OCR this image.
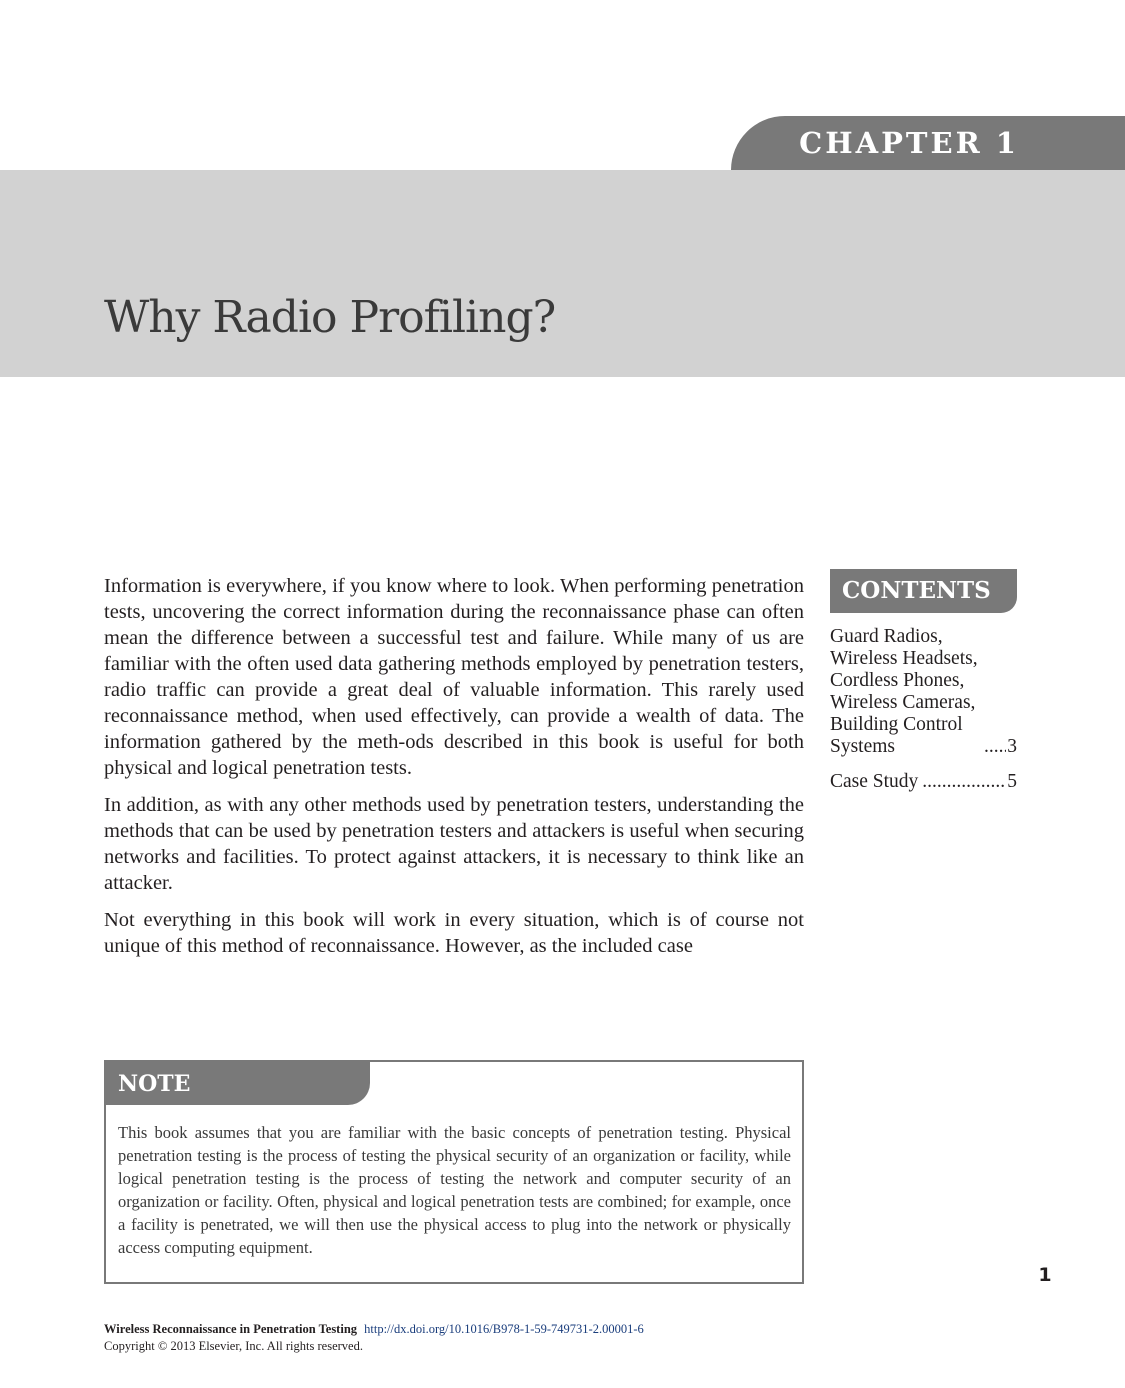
CHAPTER 1
Why Radio Profiling?

Information is everywhere, if you know where to look. When performing penetration tests, uncovering the correct information during the reconnaissance phase can often mean the difference between a successful test and failure. While many of us are familiar with the often used data gathering methods employed by penetration testers, radio traffic can provide a great deal of valuable information. This rarely used reconnaissance method, when used effectively, can provide a wealth of data. The information gathered by the meth-ods described in this book is useful for both physical and logical penetration tests.

In addition, as with any other methods used by penetration testers, understanding the methods that can be used by penetration testers and attackers is useful when securing networks and facilities. To protect against attackers, it is necessary to think like an attacker.

Not everything in this book will work in every situation, which is of course not unique of this method of reconnaissance. However, as the included case

CONTENTS
Guard Radios, Wireless Headsets, Cordless Phones, Wireless Cameras, Building Control Systems .....	3
Case Study .....	5
NOTE

This book assumes that you are familiar with the basic concepts of penetration testing. Physical penetration testing is the process of testing the physical security of an organization or facility, while logical penetration testing is the process of testing the network and computer security of an organization or facility. Often, physical and logical penetration tests are combined; for example, once a facility is penetrated, we will then use the physical access to plug into the network or physically access computing equipment.

1
Wireless Reconnaissance in Penetration Testing http://dx.doi.org/10.1016/B978-1-59-749731-2.00001-6
Copyright © 2013 Elsevier, Inc. All rights reserved.
